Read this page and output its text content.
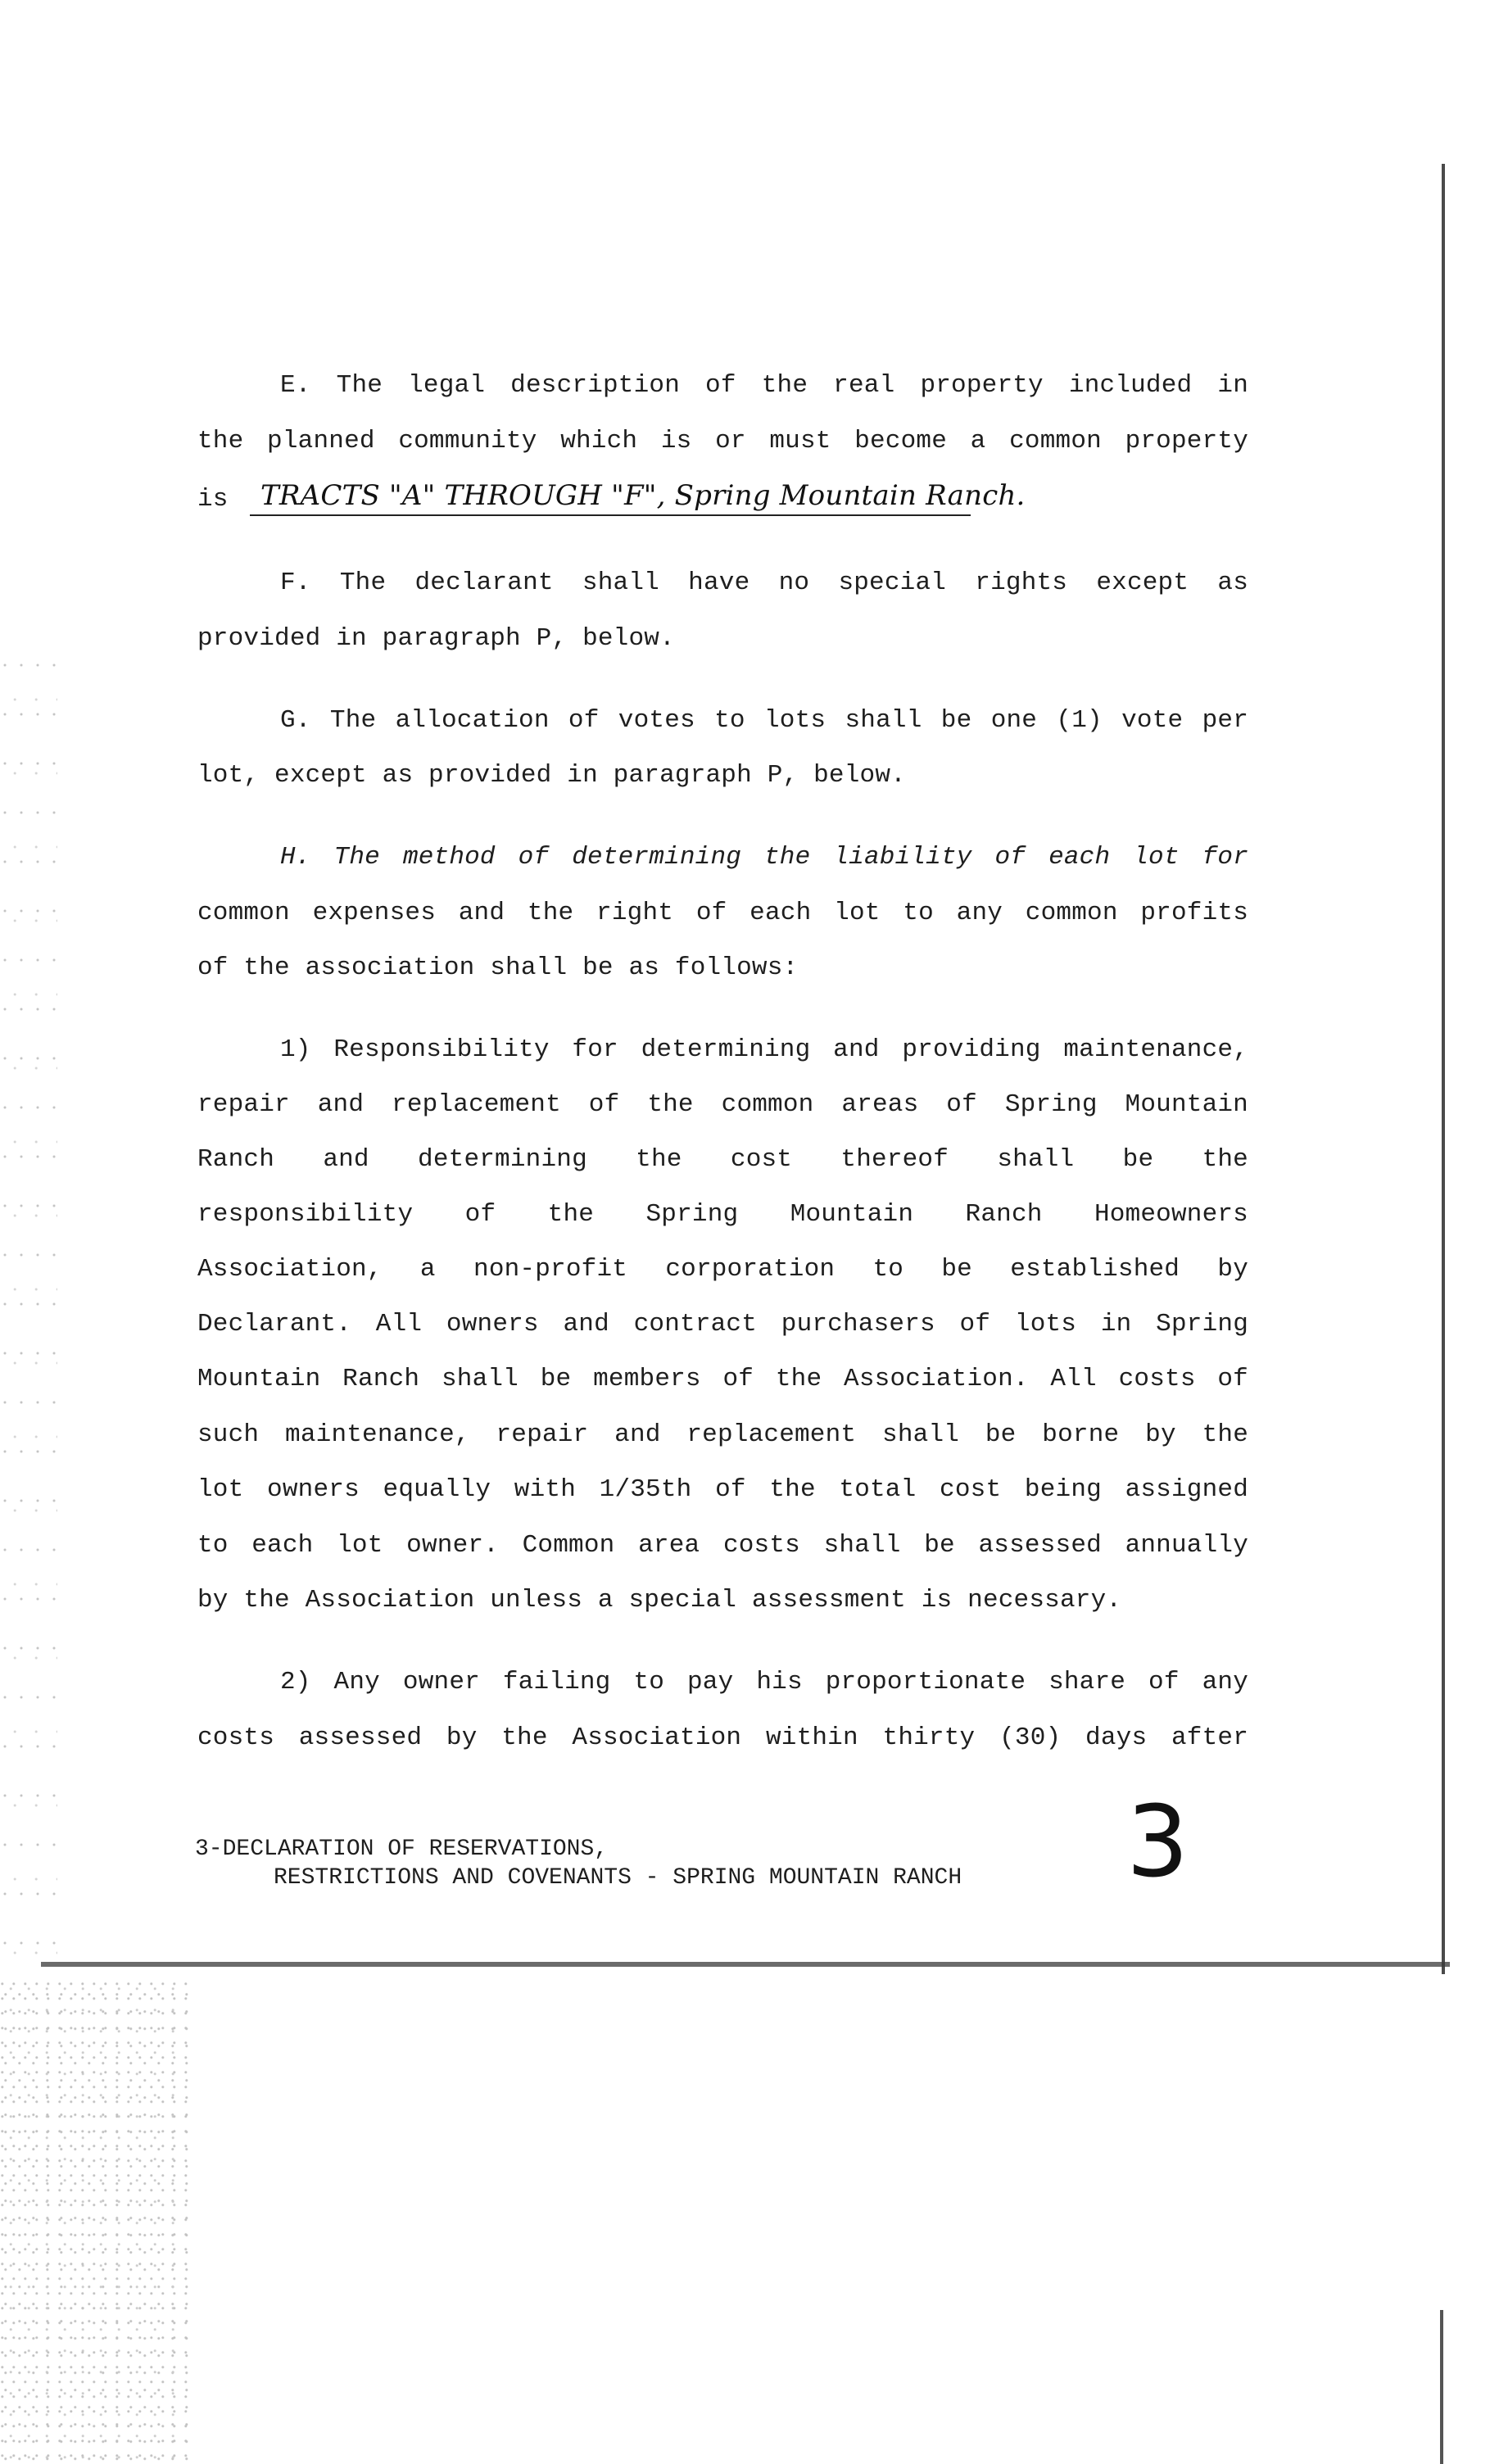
E. The legal description of the real property included in
the planned community which is or must become a common property
is TRACTS "A" THROUGH "F", Spring Mountain Ranch.
F. The declarant shall have no special rights except as
provided in paragraph P, below.
G. The allocation of votes to lots shall be one (1) vote per
lot, except as provided in paragraph P, below.
H. The method of determining the liability of each lot for
common expenses and the right of each lot to any common profits
of the association shall be as follows:
1) Responsibility for determining and providing maintenance,
repair and replacement of the common areas of Spring Mountain
Ranch and determining the cost thereof shall be the
responsibility of the Spring Mountain Ranch Homeowners
Association, a non-profit corporation to be established by
Declarant. All owners and contract purchasers of lots in Spring
Mountain Ranch shall be members of the Association. All costs of
such maintenance, repair and replacement shall be borne by the
lot owners equally with 1/35th of the total cost being assigned
to each lot owner. Common area costs shall be assessed annually
by the Association unless a special assessment is necessary.
2) Any owner failing to pay his proportionate share of any
costs assessed by the Association within thirty (30) days after
3-DECLARATION OF RESERVATIONS,
RESTRICTIONS AND COVENANTS - SPRING MOUNTAIN RANCH 3
